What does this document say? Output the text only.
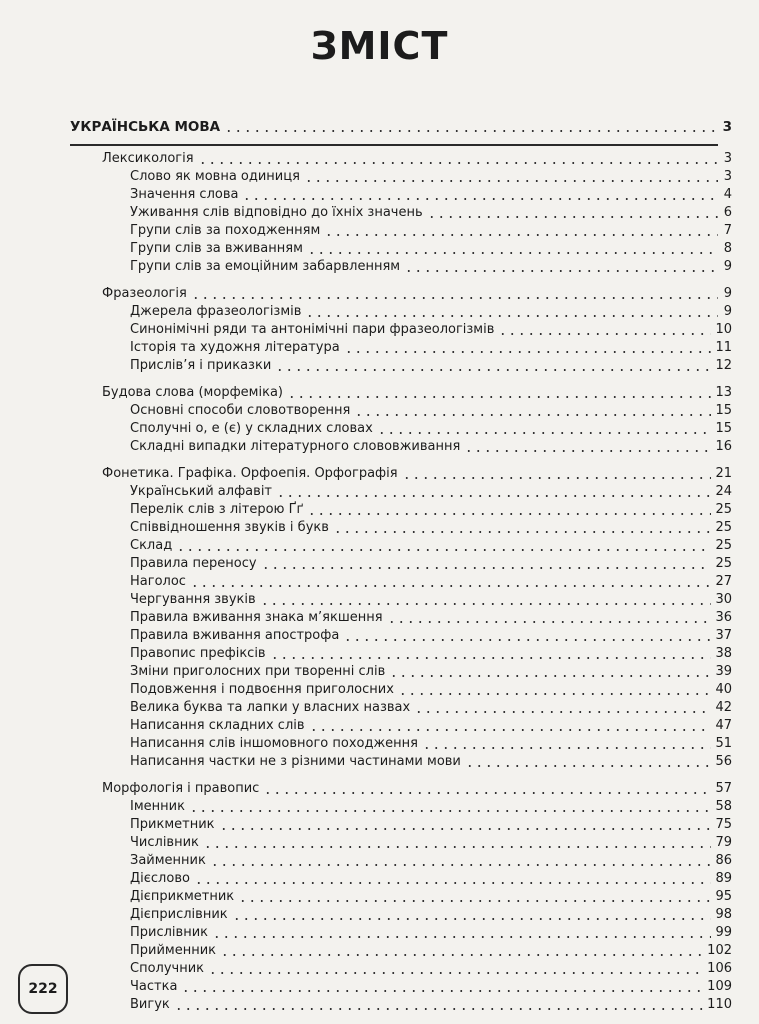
ЗМІСТ
УКРАЇНСЬКА МОВА	3
Лексикологія	3
Слово як мовна одиниця	3
Значення слова	4
Уживання слів відповідно до їхніх значень	6
Групи слів за походженням	7
Групи слів за вживанням	8
Групи слів за емоційним забарвленням	9
Фразеологія	9
Джерела фразеологізмів	9
Синонімічні ряди та антонімічні пари фразеологізмів	10
Історія та художня література	11
Прислів’я і приказки	12
Будова слова (морфеміка)	13
Основні способи словотворення	15
Сполучні о, е (є) у складних словах	15
Складні випадки літературного слововживання	16
Фонетика. Графіка. Орфоепія. Орфографія	21
Український алфавіт	24
Перелік слів з літерою Ґґ	25
Співвідношення звуків і букв	25
Склад	25
Правила переносу	25
Наголос	27
Чергування звуків	30
Правила вживання знака м’якшення	36
Правила вживання апострофа	37
Правопис префіксів	38
Зміни приголосних при творенні слів	39
Подовження і подвоєння приголосних	40
Велика буква та лапки у власних назвах	42
Написання складних слів	47
Написання слів іншомовного походження	51
Написання частки не з різними частинами мови	56
Морфологія і правопис	57
Іменник	58
Прикметник	75
Числівник	79
Займенник	86
Дієслово	89
Дієприкметник	95
Дієприслівник	98
Прислівник	99
Прийменник	102
Сполучник	106
Частка	109
Вигук	110
222
